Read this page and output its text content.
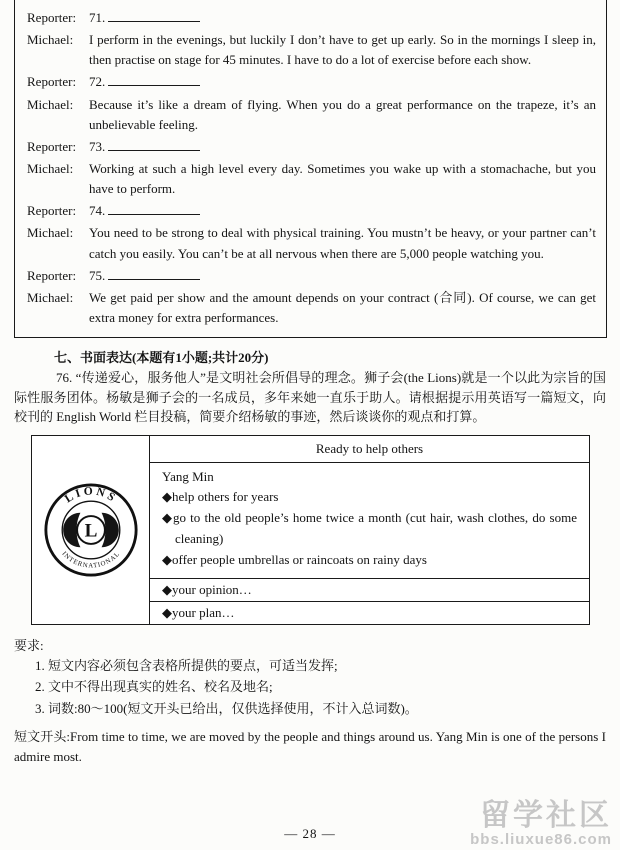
Reporter: 71.
Michael:	I perform in the evenings, but luckily I don’t have to get up early. So in the mornings I sleep in, then practise on stage for 45 minutes. I have to do a lot of exercise before each show.
Reporter: 72.
Michael:	Because it’s like a dream of flying. When you do a great performance on the trapeze, it’s an unbelievable feeling.
Reporter: 73.
Michael:	Working at such a high level every day. Sometimes you wake up with a stomachache, but you have to perform.
Reporter: 74.
Michael:	You need to be strong to deal with physical training. You mustn’t be heavy, or your partner can’t catch you easily. You can’t be at all nervous when there are 5,000 people watching you.
Reporter: 75.
Michael:	We get paid per show and the amount depends on your contract (合同). Of course, we can get extra money for extra performances.
七、书面表达(本题有1小题;共计20分)
76. “传递爱心，服务他人”是文明社会所倡导的理念。狮子会(the Lions)就是一个以此为宗旨的国际性服务团体。杨敏是狮子会的一名成员，多年来她一直乐于助人。请根据提示用英语写一篇短文，向校刊的 English World 栏目投稿，简要介绍杨敏的事迹，然后谈谈你的观点和打算。
L
LIONS
INTERNATIONAL
Ready to help others
Yang Min
◆help others for years
◆go to the old people’s home twice a month (cut hair, wash clothes, do some cleaning)
◆offer people umbrellas or raincoats on rainy days
◆your opinion…
◆your plan…
要求:
1. 短文内容必须包含表格所提供的要点，可适当发挥;
2. 文中不得出现真实的姓名、校名及地名;
3. 词数:80～100(短文开头已给出，仅供选择使用，不计入总词数)。
短文开头:From time to time, we are moved by the people and things around us. Yang Min is one of the persons I admire most.
— 28 —
留学社区
bbs.liuxue86.com
